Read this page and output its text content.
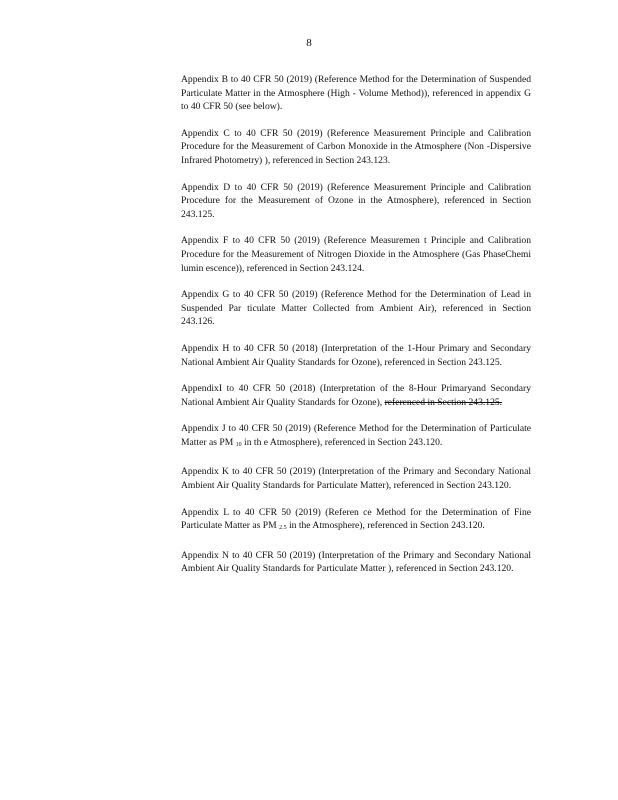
8

Appendix B to 40 CFR 50 (2019) (Reference Method for the Determination of Suspended Particulate Matter in the Atmosphere (High - Volume Method)), referenced in appendix G to 40 CFR 50 (see below).

Appendix C to 40 CFR 50 (2019) (Reference Measurement Principle and Calibration Procedure for the Measurement of Carbon Monoxide in the Atmosphere (Non -Dispersive Infrared Photometry) ), referenced in Section 243.123.

Appendix D to 40 CFR 50 (2019) (Reference Measurement Principle and Calibration Procedure for the Measurement of Ozone in the Atmosphere), referenced in Section 243.125.

Appendix F to 40 CFR 50 (2019) (Reference Measuremen t Principle and Calibration Procedure for the Measurement of Nitrogen Dioxide in the Atmosphere (Gas PhaseChemi lumin escence)), referenced in Section 243.124.

Appendix G to 40 CFR 50 (2019) (Reference Method for the Determination of Lead in Suspended Par ticulate Matter Collected from Ambient Air), referenced in Section 243.126.

Appendix H to 40 CFR 50 (2018) (Interpretation of the 1-Hour Primary and Secondary National Ambient Air Quality Standards for Ozone), referenced in Section 243.125.

AppendixI to 40 CFR 50 (2018) (Interpretation of the 8-Hour Primaryand Secondary National Ambient Air Quality Standards for Ozone), referenced in Section 243.125.

Appendix J to 40 CFR 50 (2019) (Reference Method for the Determination of Particulate Matter as PM $_{10}$ in th e Atmosphere), referenced in Section 243.120.

Appendix K to 40 CFR 50 (2019) (Interpretation of the Primary and Secondary National Ambient Air Quality Standards for Particulate Matter), referenced in Section 243.120.

Appendix L to 40 CFR 50 (2019) (Referen ce Method for the Determination of Fine Particulate Matter as PM $_{2.5}$ in the Atmosphere), referenced in Section 243.120.

Appendix N to 40 CFR 50 (2019) (Interpretation of the Primary and Secondary National Ambient Air Quality Standards for Particulate Matter ), referenced in Section 243.120.
